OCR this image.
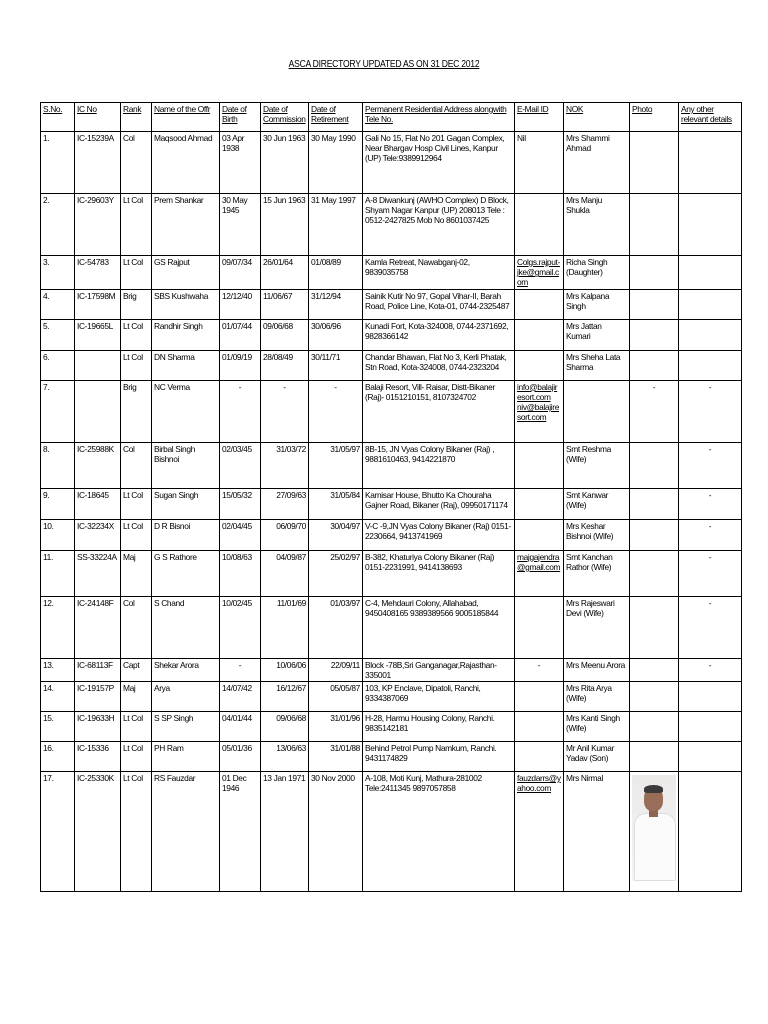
ASCA DIRECTORY UPDATED AS ON 31 DEC 2012
S.No.	IC No	Rank	Name of the Offr	Date of Birth	Date of Commission	Date of Retirement	Permanent Residential Address alongwith Tele No.	E-Mail ID	NOK	Photo	Any other relevant details
1.	IC-15239A	Col	Maqsood Ahmad	03 Apr 1938	30 Jun 1963	30 May 1990	Gali No 15, Flat No 201 Gagan Complex, Near Bhargav Hosp Civil Lines, Kanpur (UP) Tele:9389912964	Nil	Mrs Shammi Ahmad		
2.	IC-29603Y	Lt Col	Prem Shankar	30 May 1945	15 Jun 1963	31 May 1997	A-8 Diwankunj (AWHO Complex) D Block, Shyam Nagar Kanpur (UP) 208013 Tele : 0512-2427825 Mob No 8601037425		Mrs Manju Shukla		
3.	IC-54783	Lt Col	GS Rajput	09/07/34	26/01/64	01/08/89	Kamla Retreat, Nawabganj-02, 9839035758	Colgs.rajput-jke@gmail.com	Richa Singh (Daughter)		
4.	IC-17598M	Brig	SBS Kushwaha	12/12/40	11/06/67	31/12/94	Sainik Kutir No 97, Gopal Vihar-II, Barah Road, Police Line, Kota-01, 0744-2325487		Mrs Kalpana Singh		
5.	IC-19665L	Lt Col	Randhir Singh	01/07/44	09/06/68	30/06/96	Kunadi Fort, Kota-324008, 0744-2371692, 9828366142		Mrs Jattan Kumari		
6.		Lt Col	DN Sharma	01/09/19	28/08/49	30/11/71	Chandar Bhawan, Flat No 3, Kerli Phatak, Stn Road, Kota-324008, 0744-2323204		Mrs Sheha Lata Sharma		
7.		Brig	NC Verma	-	-	-	Balaji Resort, Vill- Raisar, Distt-Bikaner (Raj)- 0151210151, 8107324702	info@balajiresort.com niv@balajiresort.com		-	-
8.	IC-25988K	Col	Birbal Singh Bishnoi	02/03/45	31/03/72	31/05/97	8B-15, JN Vyas Colony Bikaner (Raj) , 9881610463, 9414221870		Smt Reshma (Wife)		-
9.	IC-18645	Lt Col	Sugan Singh	15/05/32	27/09/63	31/05/84	Karnisar House, Bhutto Ka Chouraha Gajner Road, Bikaner (Raj), 09950171174		Smt Kanwar (Wife)		-
10.	IC-32234X	Lt Col	D R Bisnoi	02/04/45	06/09/70	30/04/97	V-C -9,JN Vyas Colony Bikaner (Raj) 0151-2230664, 9413741969		Mrs Keshar Bishnoi (Wife)		-
11.	SS-33224A	Maj	G S Rathore	10/08/63	04/09/87	25/02/97	B-382, Khaturiya Colony Bikaner (Raj) 0151-2231991, 9414138693	majgajendra@gmail.com	Smt Kanchan Rathor (Wife)		-
12.	IC-24148F	Col	S Chand	10/02/45	11/01/69	01/03/97	C-4, Mehdauri Colony, Allahabad, 9450408165 9389389566 9005185844		Mrs Rajeswari Devi (Wife)		-
13.	IC-68113F	Capt	Shekar Arora	-	10/06/06	22/09/11	Block -78B,Sri Ganganagar,Rajasthan-335001	-	Mrs Meenu Arora		-
14.	IC-19157P	Maj	Arya	14/07/42	16/12/67	05/05/87	103, KP Enclave, Dipatoli, Ranchi, 9334387069		Mrs Rita Arya (Wife)		
15.	IC-19633H	Lt Col	S SP Singh	04/01/44	09/06/68	31/01/96	H-28, Harmu Housing Colony, Ranchi. 9835142181		Mrs Kanti Singh (Wife)		
16.	IC-15336	Lt Col	PH Ram	05/01/36	13/06/63	31/01/88	Behind Petrol Pump Namkum, Ranchi. 9431174829		Mr Anil Kumar Yadav (Son)		
17.	IC-25330K	Lt Col	RS Fauzdar	01 Dec 1946	13 Jan 1971	30 Nov 2000	A-108, Moti Kunj, Mathura-281002 Tele:2411345 9897057858	fauzdarrs@yahoo.com	Mrs Nirmal	
